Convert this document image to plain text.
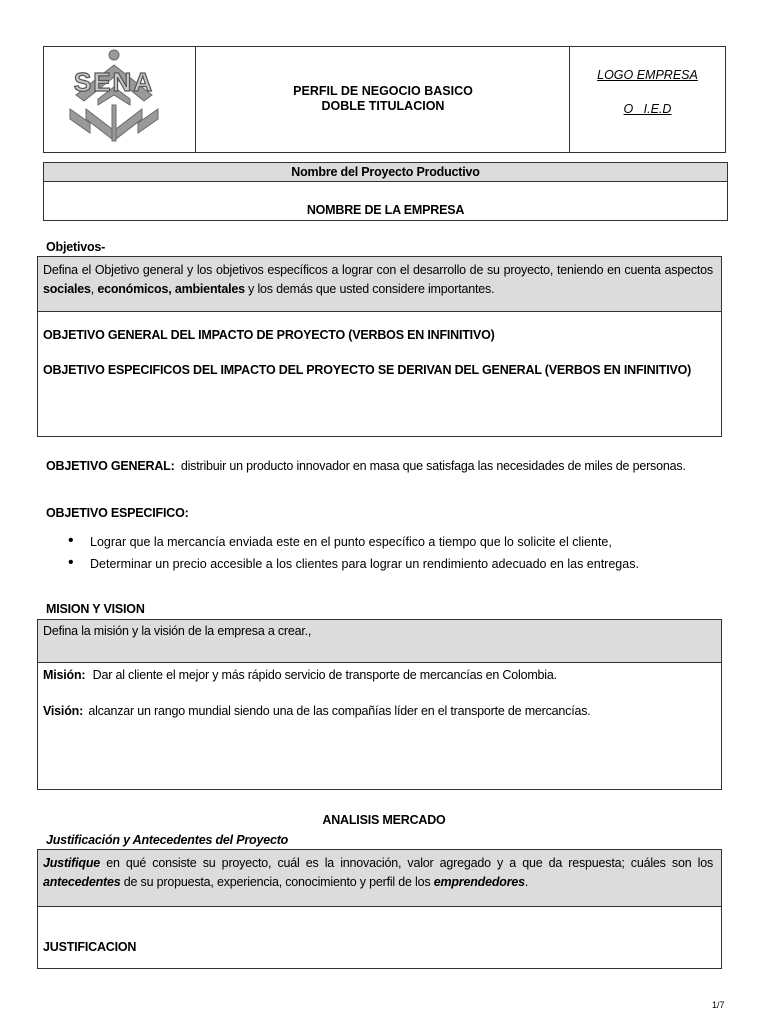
SENA	PERFIL DE NEGOCIO BASICO
DOBLE TITULACION
LOGO EMPRESA
O   I.E.D
Nombre del Proyecto Productivo
NOMBRE DE LA EMPRESA
Objetivos-
Defina el Objetivo general y los objetivos específicos a lograr con el desarrollo de su proyecto, teniendo en cuenta aspectos sociales, económicos, ambientales y los demás que usted considere importantes.
OBJETIVO GENERAL DEL IMPACTO DE PROYECTO (VERBOS EN INFINITIVO)
OBJETIVO ESPECIFICOS DEL IMPACTO DEL PROYECTO SE DERIVAN DEL GENERAL (VERBOS EN INFINITIVO)
OBJETIVO GENERAL: distribuir un producto innovador en masa que satisfaga las necesidades de miles de personas.
OBJETIVO ESPECIFICO:
• Lograr que la mercancía enviada este en el punto específico a tiempo que lo solicite el cliente,
• Determinar un precio accesible a los clientes para lograr un rendimiento adecuado en las entregas.
MISION Y VISION
Defina la misión y la visión de la empresa a crear.,
Misión: Dar al cliente el mejor y más rápido servicio de transporte de mercancías en Colombia.
Visión: alcanzar un rango mundial siendo una de las compañías líder en el transporte de mercancías.
ANALISIS MERCADO
Justificación y Antecedentes del Proyecto
Justifique en qué consiste su proyecto, cuál es la innovación, valor agregado y a que da respuesta; cuáles son los antecedentes de su propuesta, experiencia, conocimiento y perfil de los emprendedores.
JUSTIFICACION
1/7
